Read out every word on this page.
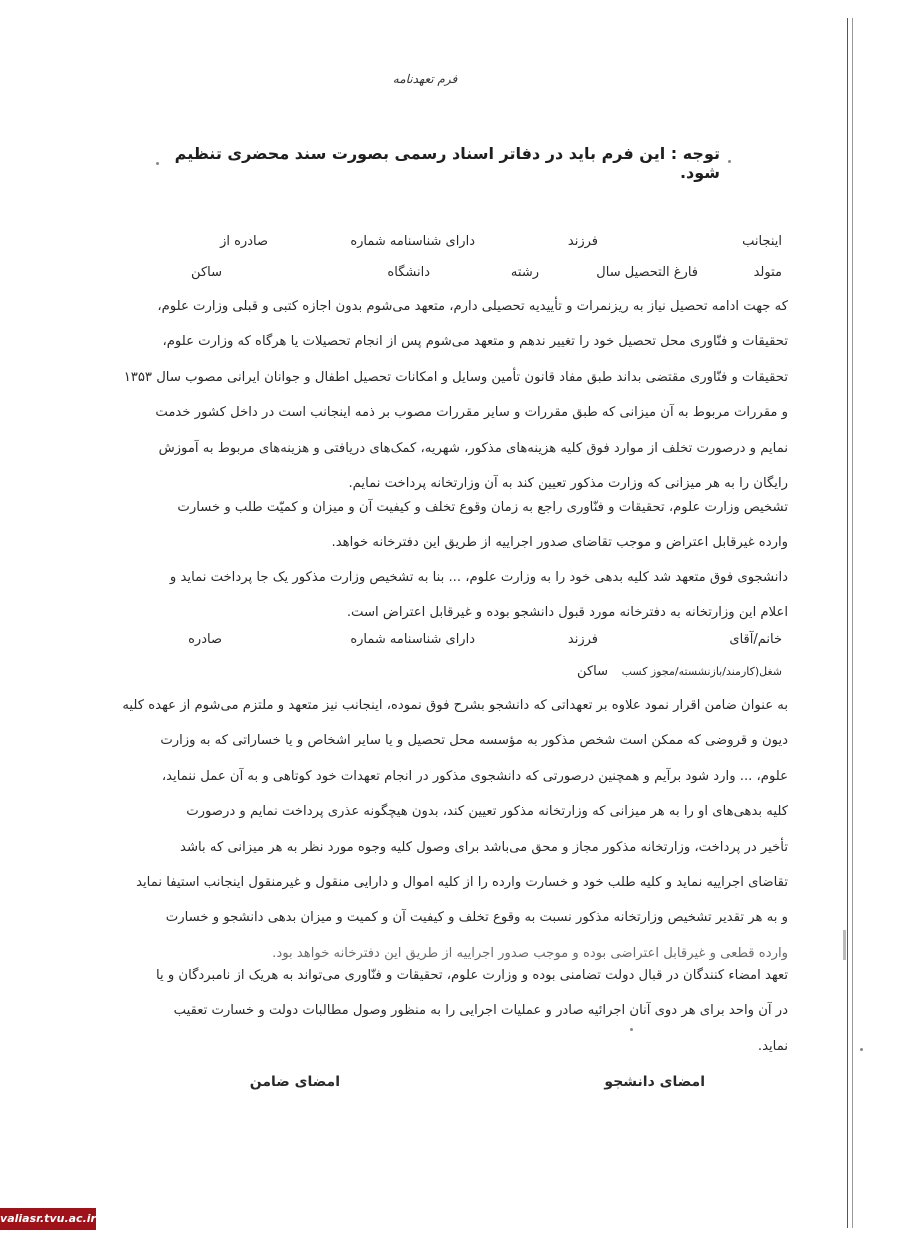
فرم تعهدنامه
توجه : این فرم باید در دفاتر اسناد رسمی بصورت سند محضری تنظیم شود.
اینجانب
فرزند
دارای شناسنامه شماره
صادره از
متولد
فارغ التحصیل سال
رشته
دانشگاه
ساکن
که جهت ادامه تحصیل نیاز به ریزنمرات و تأییدیه تحصیلی دارم، متعهد می‌شوم بدون اجازه کتبی و قبلی وزارت علوم،
تحقیقات و فنّاوری محل تحصیل خود را تغییر ندهم و متعهد می‌شوم پس از انجام تحصیلات یا هرگاه که وزارت علوم،
تحقیقات و فنّاوری مقتضی بداند طبق مفاد قانون تأمین وسایل و امکانات تحصیل اطفال و جوانان ایرانی مصوب سال ۱۳۵۳
و مقررات مربوط به آن میزانی که طبق مقررات و سایر مقررات مصوب بر ذمه اینجانب است در داخل کشور خدمت
نمایم و درصورت تخلف از موارد فوق کلیه هزینه‌های مذکور، شهریه، کمک‌های دریافتی و هزینه‌های مربوط به آموزش
رایگان را به هر میزانی که وزارت مذکور تعیین کند به آن وزارتخانه پرداخت نمایم.
تشخیص وزارت علوم، تحقیقات و فنّاوری راجع به زمان وقوع تخلف و کیفیت آن و میزان و کمیّت طلب و خسارت
وارده غیرقابل اعتراض و موجب تقاضای صدور اجراییه از طریق این دفترخانه خواهد.
دانشجوی فوق متعهد شد کلیه بدهی خود را به وزارت علوم، ... بنا به تشخیص وزارت مذکور یک جا پرداخت نماید و
اعلام این وزارتخانه به دفترخانه مورد قبول دانشجو بوده و غیرقابل اعتراض است.
خانم/آقای
فرزند
دارای شناسنامه شماره
صادره
شغل(کارمند/بازنشسته/مجوز کسب
ساکن
به عنوان ضامن اقرار نمود علاوه بر تعهداتی که دانشجو بشرح فوق نموده، اینجانب نیز متعهد و ملتزم می‌شوم از عهده کلیه
دیون و قروضی که ممکن است شخص مذکور به مؤسسه محل تحصیل و یا سایر اشخاص و یا خساراتی که به وزارت
علوم، ... وارد شود برآیم و همچنین درصورتی که دانشجوی مذکور در انجام تعهدات خود کوتاهی و به آن عمل ننماید،
کلیه بدهی‌های او را به هر میزانی که وزارتخانه مذکور تعیین کند، بدون هیچگونه عذری پرداخت نمایم و درصورت
تأخیر در پرداخت، وزارتخانه مذکور مجاز و محق می‌باشد برای وصول کلیه وجوه مورد نظر به هر میزانی که باشد
تقاضای اجراییه نماید و کلیه طلب خود و خسارت وارده را از کلیه اموال و دارایی منقول و غیرمنقول اینجانب استیفا نماید
و به هر تقدیر تشخیص وزارتخانه مذکور نسبت به وقوع تخلف و کیفیت آن و کمیت و میزان بدهی دانشجو و خسارت
وارده قطعی و غیرقابل اعتراضی بوده و موجب صدور اجراییه از طریق این دفترخانه خواهد بود.
تعهد امضاء کنندگان در قبال دولت تضامنی بوده و وزارت علوم، تحقیقات و فنّاوری می‌تواند به هریک از نامبردگان و یا
در آن واحد برای هر دوی آنان اجرائیه صادر و عملیات اجرایی را به منظور وصول مطالبات دولت و خسارت تعقیب
نماید.
امضای دانشجو
امضای ضامن
valiasr.tvu.ac.ir
